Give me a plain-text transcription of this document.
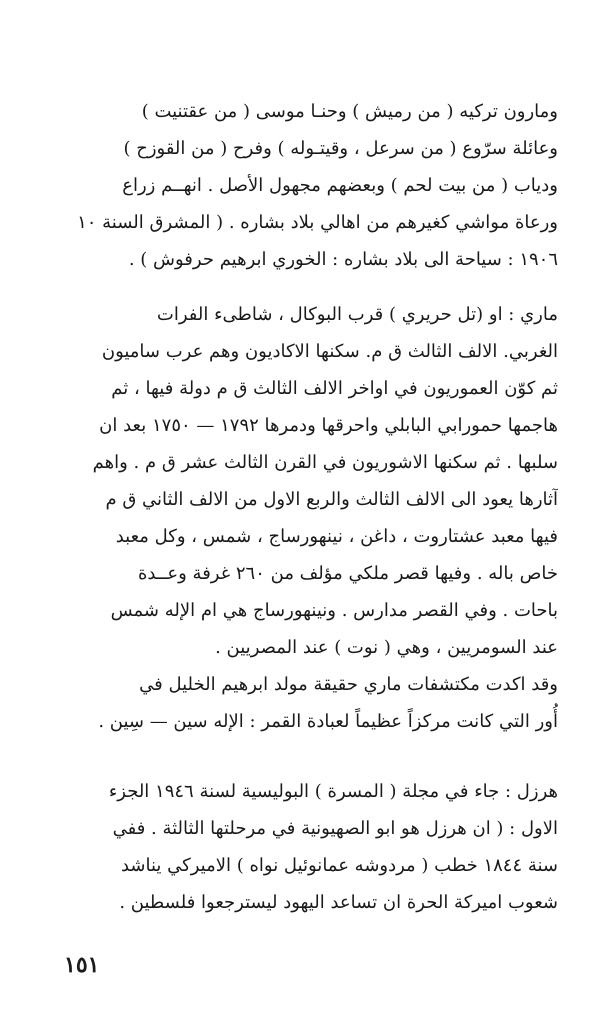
ومارون تركيه ( من رميش ) وحنـا موسى ( من عقتنيت )
وعائلة سرّوع ( من سرعل ، وقيتـوله ) وفرح ( من القوزح )
ودياب ( من بيت لحم ) وبعضهم مجهول الأصل . انهــم زراع
ورعاة مواشي كغيرهم من اهالي بلاد بشاره . ( المشرق السنة ١٠
١٩٠٦ : سياحة الى بلاد بشاره : الخوري ابرهيم حرفوش ) .
ماري : او (تل حريري ) قرب البوكال ، شاطىء الفرات
الغربي. الالف الثالث ق م. سكنها الاكاديون وهم عرب ساميون
ثم كوّن العموريون في اواخر الالف الثالث ق م دولة فيها ، ثم
هاجمها حمورابي البابلي واحرقها ودمرها ١٧٩٢ — ١٧٥٠ بعد ان
سلبها . ثم سكنها الاشوريون في القرن الثالث عشر ق م . واهم
آثارها يعود الى الالف الثالث والربع الاول من الالف الثاني ق م
فيها معبد عشتاروت ، داغن ، نينهورساج ، شمس ، وكل معبد
خاص باله . وفيها قصر ملكي مؤلف من ٢٦٠ غرفة وعــدة
باحات . وفي القصر مدارس . ونينهورساج هي ام الإله شمس
عند السومريين ، وهي ( نوت ) عند المصريين .
وقد اكدت مكتشفات ماري حقيقة مولد ابرهيم الخليل في
أُور التي كانت مركزاً عظيماً لعبادة القمر : الإله سين — سِين .
هرزل : جاء في مجلة ( المسرة ) البوليسية لسنة ١٩٤٦ الجزء
الاول : ( ان هرزل هو ابو الصهيونية في مرحلتها الثالثة . ففي
سنة ١٨٤٤ خطب ( مردوشه عمانوئيل نواه ) الاميركي يناشد
شعوب اميركة الحرة ان تساعد اليهود ليسترجعوا فلسطين .
١٥١
